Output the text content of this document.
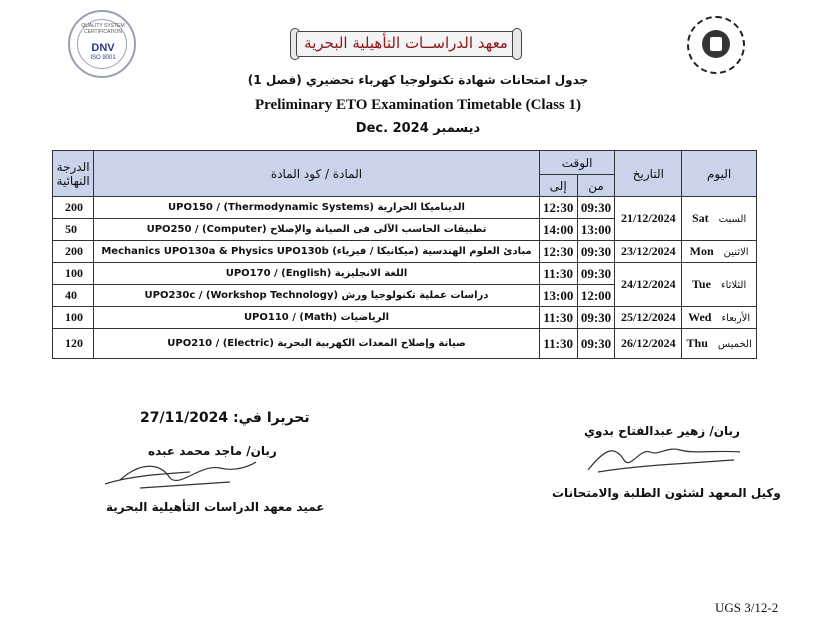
QUALITY SYSTEM CERTIFICATION
DNV
ISO 9001
معهد الدراســات التأهيلية البحرية
جدول امتحانات شهادة تكنولوجيا كهرباء تحضيري (فصل 1)
Preliminary ETO Examination Timetable (Class 1)
Dec. 2024 ديسمبر
الدرجة النهائية	المادة / كود المادة	الوقت		التاريخ	اليوم
		إلى	من		
200	الديناميكا الحرارية (UPO150 / (Thermodynamic Systems	12:30	09:30	21/12/2024	Sat السبت
50	تطبيقات الحاسب الآلى فى الصيانة والإصلاح (UPO250 / (Computer	14:00	13:00		
200	مبادئ العلوم الهندسية (ميكانيكا / فيزياء) Mechanics UPO130a & Physics UPO130b	12:30	09:30	23/12/2024	Mon الاثنين
100	اللغة الانجليزية (UPO170 / (English	11:30	09:30	24/12/2024	Tue الثلاثاء
40	دراسات عملية تكنولوجيا ورش (UPO230c / (Workshop Technology	13:00	12:00		
100	الرياضيات (UPO110 / (Math	11:30	09:30	25/12/2024	Wed الأربعاء
120	صيانة وإصلاح المعدات الكهربية البحرية (UPO210 / (Electric	11:30	09:30	26/12/2024	Thu الخميس
تحريرا في: 27/11/2024
ربان/ ماجد محمد عبده
عميد معهد الدراسات التأهيلية البحرية
ربان/ زهير عبدالفتاح بدوي
وكيل المعهد لشئون الطلبة والامتحانات
UGS 3/12-2
